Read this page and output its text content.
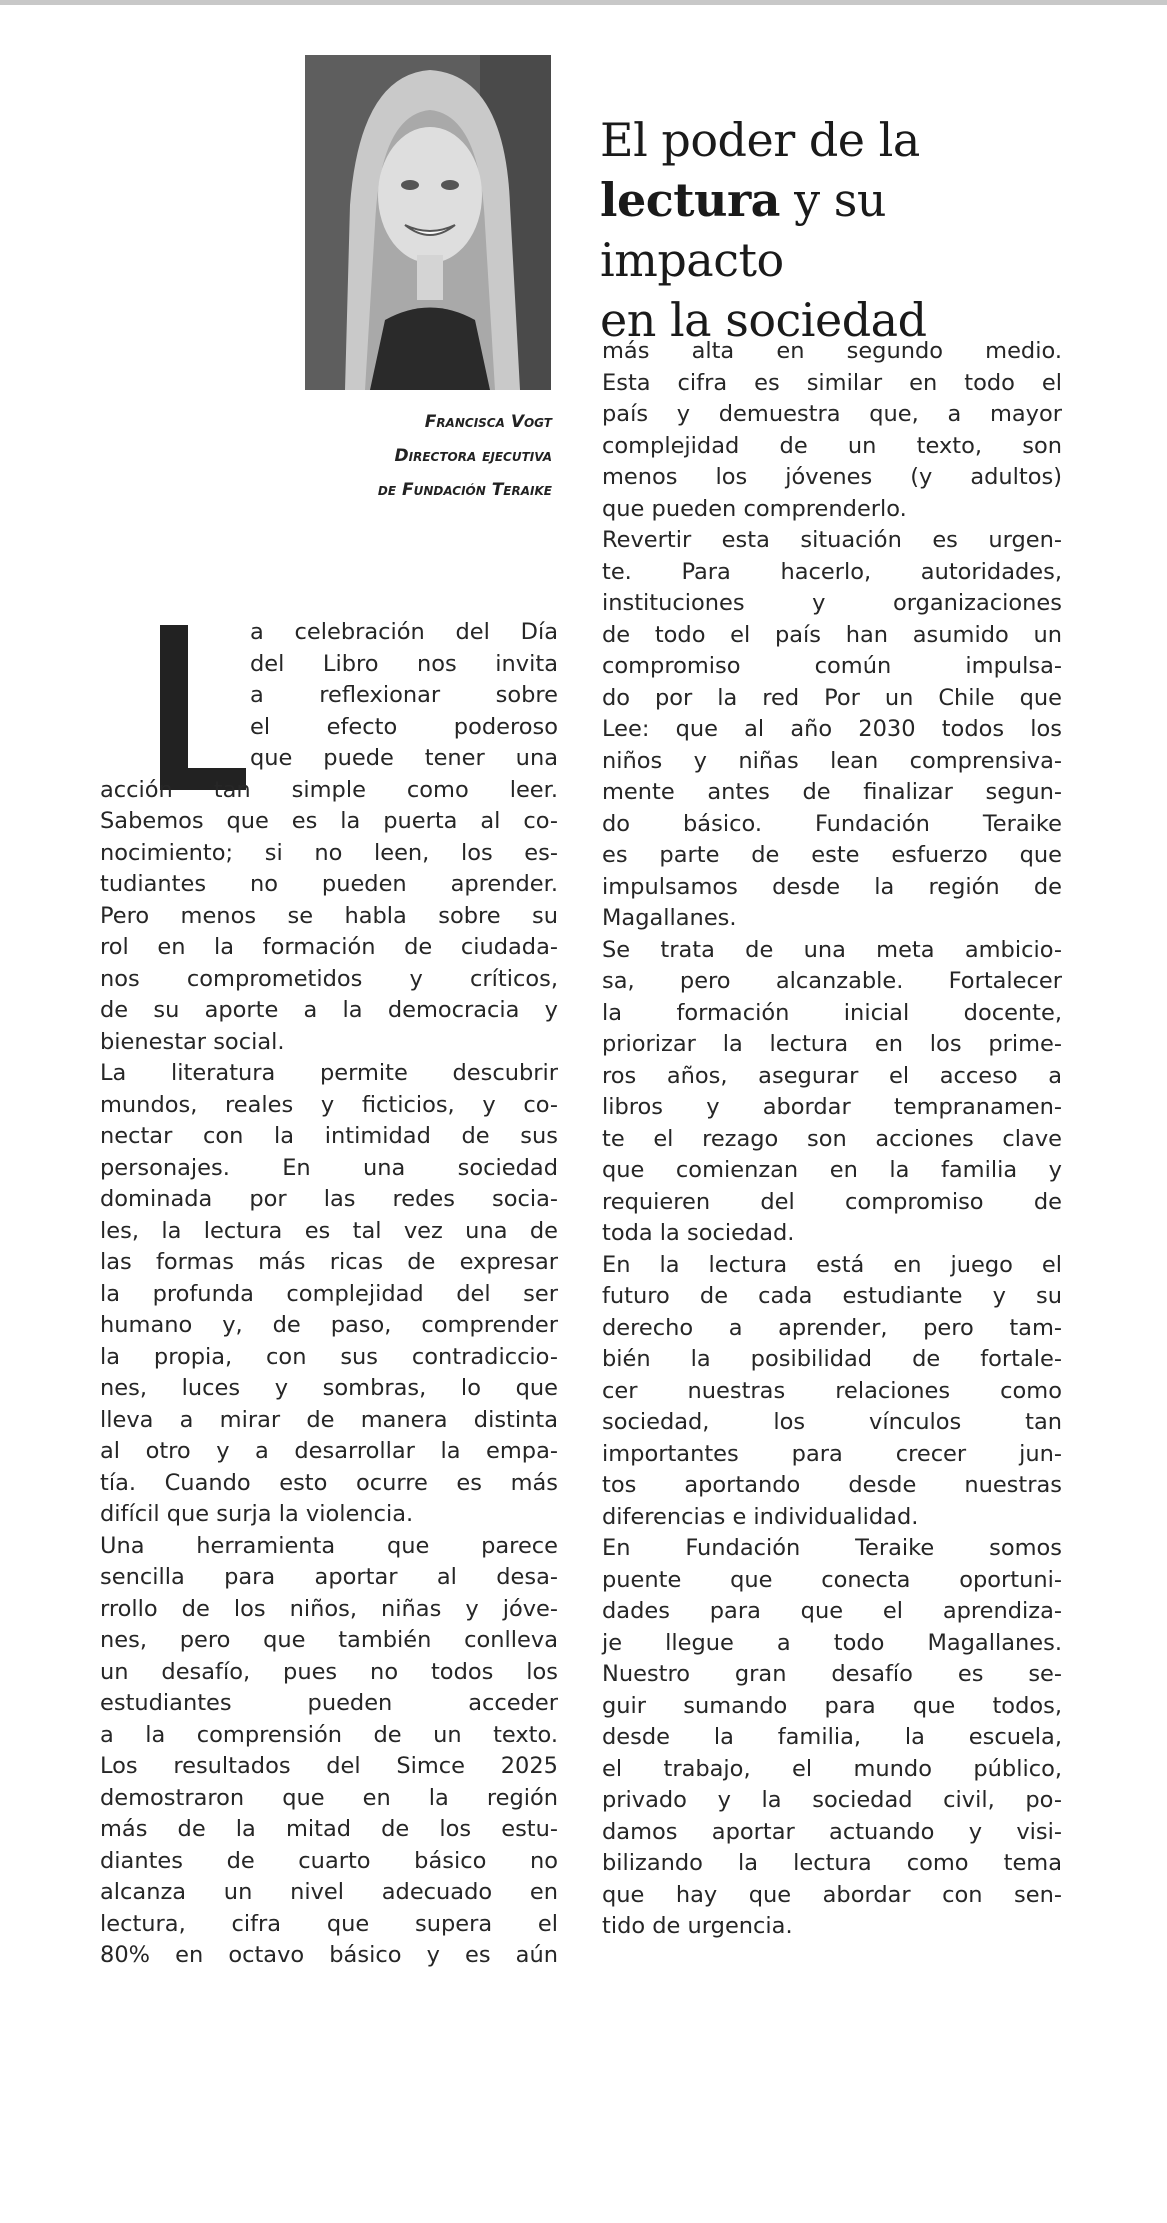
Francisca Vogt
Directora ejecutiva
de Fundación Teraike
El poder de la
lectura y su impacto
en la sociedad
a celebración del Día
del Libro nos invita
a reflexionar sobre
el efecto poderoso
que puede tener una
acción tan simple como leer.
Sabemos que es la puerta al co-
nocimiento; si no leen, los es-
tudiantes no pueden aprender.
Pero menos se habla sobre su
rol en la formación de ciudada-
nos comprometidos y críticos,
de su aporte a la democracia y
bienestar social.
La literatura permite descubrir
mundos, reales y ficticios, y co-
nectar con la intimidad de sus
personajes. En una sociedad
dominada por las redes socia-
les, la lectura es tal vez una de
las formas más ricas de expresar
la profunda complejidad del ser
humano y, de paso, comprender
la propia, con sus contradiccio-
nes, luces y sombras, lo que
lleva a mirar de manera distinta
al otro y a desarrollar la empa-
tía. Cuando esto ocurre es más
difícil que surja la violencia.
Una herramienta que parece
sencilla para aportar al desa-
rrollo de los niños, niñas y jóve-
nes, pero que también conlleva
un desafío, pues no todos los
estudiantes pueden acceder
a la comprensión de un texto.
Los resultados del Simce 2025
demostraron que en la región
más de la mitad de los estu-
diantes de cuarto básico no
alcanza un nivel adecuado en
lectura, cifra que supera el
80% en octavo básico y es aún
más alta en segundo medio.
Esta cifra es similar en todo el
país y demuestra que, a mayor
complejidad de un texto, son
menos los jóvenes (y adultos)
que pueden comprenderlo.
Revertir esta situación es urgen-
te. Para hacerlo, autoridades,
instituciones y organizaciones
de todo el país han asumido un
compromiso común impulsa-
do por la red Por un Chile que
Lee: que al año 2030 todos los
niños y niñas lean comprensiva-
mente antes de finalizar segun-
do básico. Fundación Teraike
es parte de este esfuerzo que
impulsamos desde la región de
Magallanes.
Se trata de una meta ambicio-
sa, pero alcanzable. Fortalecer
la formación inicial docente,
priorizar la lectura en los prime-
ros años, asegurar el acceso a
libros y abordar tempranamen-
te el rezago son acciones clave
que comienzan en la familia y
requieren del compromiso de
toda la sociedad.
En la lectura está en juego el
futuro de cada estudiante y su
derecho a aprender, pero tam-
bién la posibilidad de fortale-
cer nuestras relaciones como
sociedad, los vínculos tan
importantes para crecer jun-
tos aportando desde nuestras
diferencias e individualidad.
En Fundación Teraike somos
puente que conecta oportuni-
dades para que el aprendiza-
je llegue a todo Magallanes.
Nuestro gran desafío es se-
guir sumando para que todos,
desde la familia, la escuela,
el trabajo, el mundo público,
privado y la sociedad civil, po-
damos aportar actuando y visi-
bilizando la lectura como tema
que hay que abordar con sen-
tido de urgencia.
